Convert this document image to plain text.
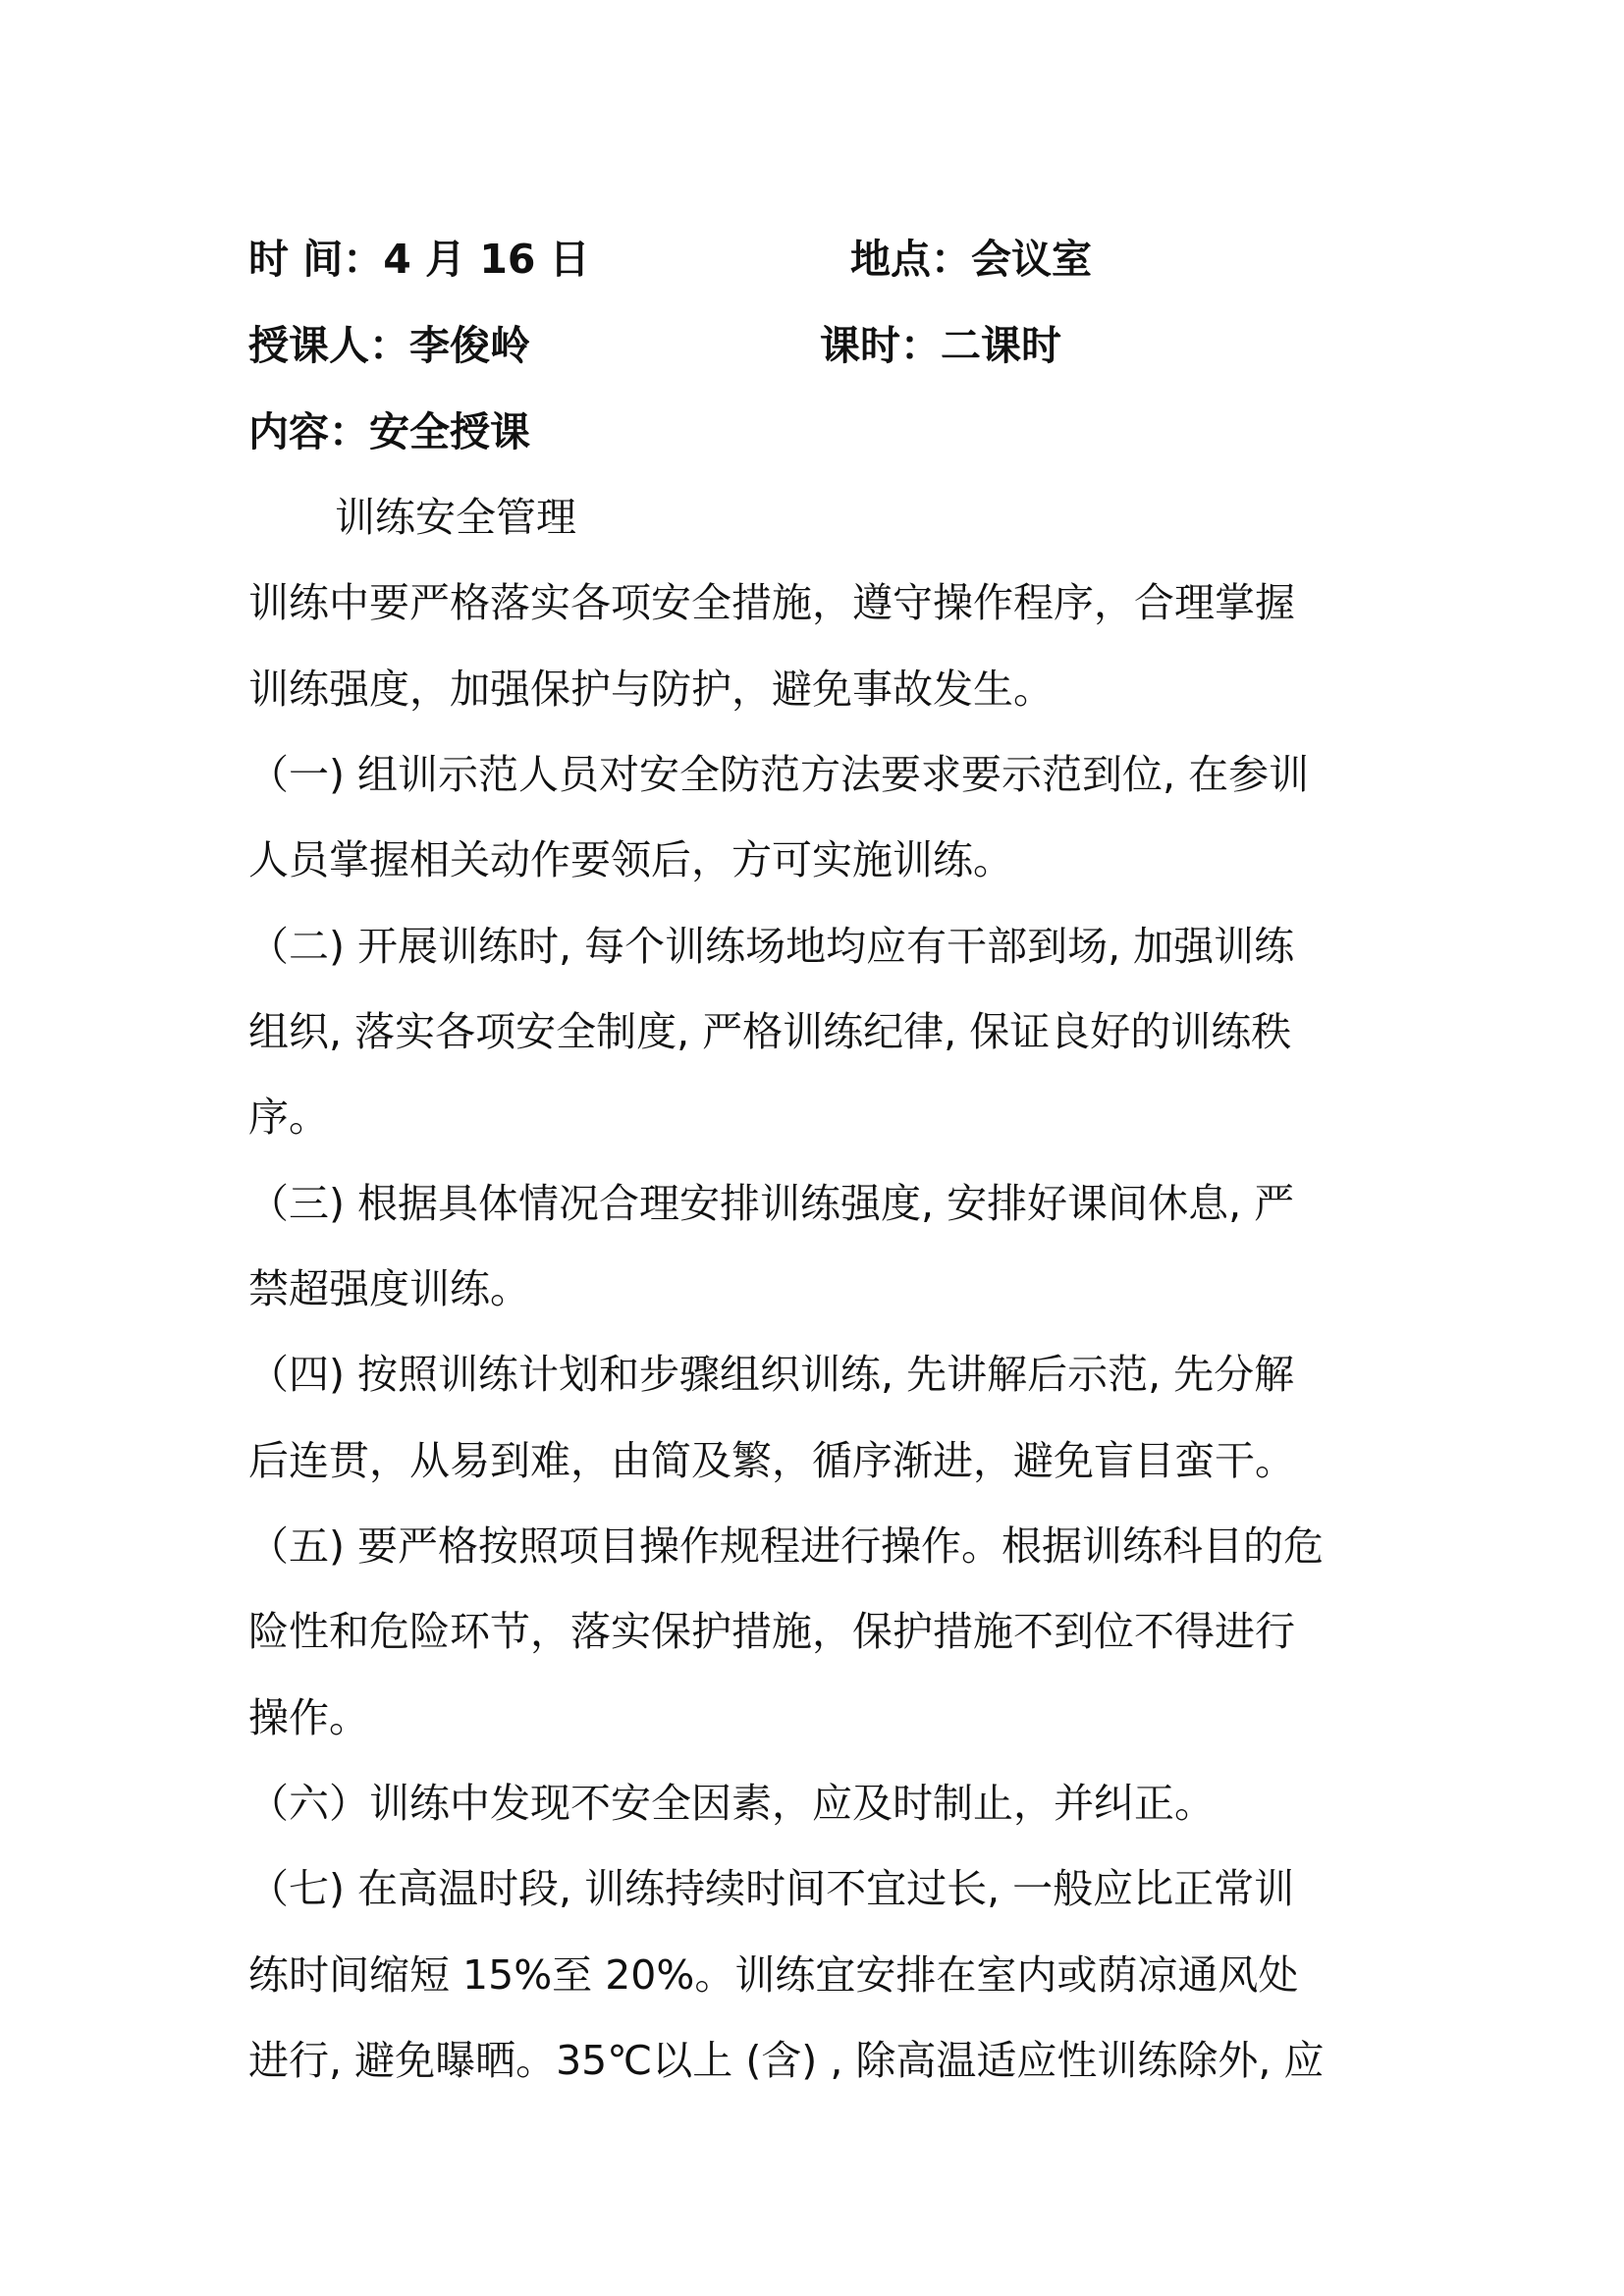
时 间：4 月 16 日	地点：会议室
授课人：李俊岭	课时：二课时
内容：安全授课
训练安全管理
训练中要严格落实各项安全措施，遵守操作程序，合理掌握
训练强度，加强保护与防护，避免事故发生。
（一) 组训示范人员对安全防范方法要求要示范到位, 在参训
人员掌握相关动作要领后，方可实施训练。
（二) 开展训练时, 每个训练场地均应有干部到场, 加强训练
组织, 落实各项安全制度, 严格训练纪律, 保证良好的训练秩
序。
（三) 根据具体情况合理安排训练强度, 安排好课间休息, 严
禁超强度训练。
（四) 按照训练计划和步骤组织训练, 先讲解后示范, 先分解
后连贯，从易到难，由简及繁，循序渐进，避免盲目蛮干。
（五) 要严格按照项目操作规程进行操作。根据训练科目的危
险性和危险环节，落实保护措施，保护措施不到位不得进行
操作。
（六）训练中发现不安全因素，应及时制止，并纠正。
（七) 在高温时段, 训练持续时间不宜过长, 一般应比正常训
练时间缩短 15%至 20%。训练宜安排在室内或荫凉通风处
进行, 避免曝晒。35℃以上 (含) , 除高温适应性训练除外, 应
